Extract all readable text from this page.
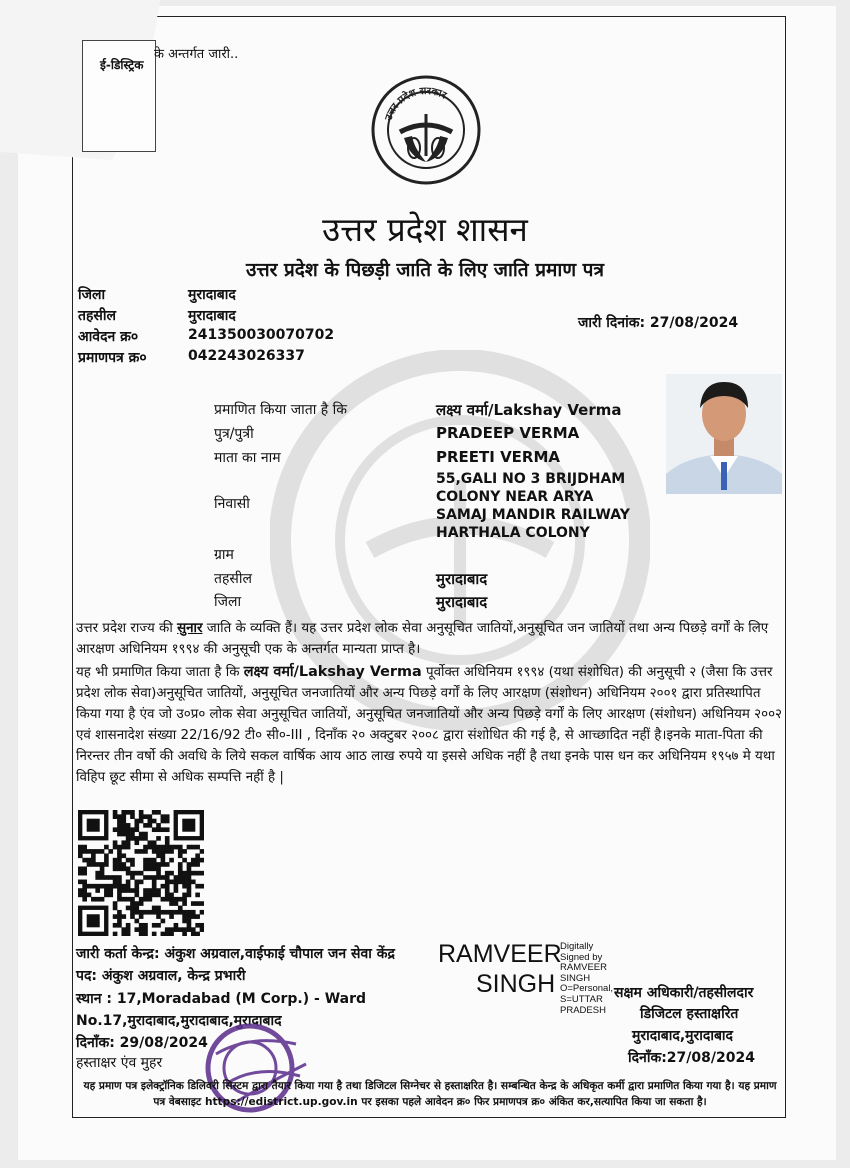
के अन्तर्गत जारी..
ई-डिस्ट्रिक
उत्तर प्रदेश सरकार
उत्तर प्रदेश शासन
उत्तर प्रदेश के पिछड़ी जाति के लिए जाति प्रमाण पत्र
जिला	मुरादाबाद
तहसील	मुरादाबाद
आवेदन क्र०	241350030070702
प्रमाणपत्र क्र०	042243026337
जारी दिनांक: 27/08/2024
प्रमाणित किया जाता है कि	लक्ष्य वर्मा/Lakshay Verma
पुत्र/पुत्री	PRADEEP VERMA
माता का नाम	PREETI VERMA
निवासी
55,GALI NO 3 BRIJDHAM
COLONY NEAR ARYA
SAMAJ MANDIR RAILWAY
HARTHALA COLONY
ग्राम
तहसील	मुरादाबाद
जिला	मुरादाबाद
उत्तर प्रदेश राज्य की सुनार जाति के व्यक्ति हैं। यह उत्तर प्रदेश लोक सेवा अनुसूचित जातियों,अनुसूचित जन जातियों तथा अन्य पिछड़े वर्गों के लिए आरक्षण अधिनियम १९९४ की अनुसूची एक के अन्तर्गत मान्यता प्राप्त है।
यह भी प्रमाणित किया जाता है कि लक्ष्य वर्मा/Lakshay Verma पूर्वोक्त अधिनियम १९९४ (यथा संशोधित) की अनुसूची २ (जैसा कि उत्तर प्रदेश लोक सेवा)अनुसूचित जातियों, अनुसूचित जनजातियों और अन्य पिछड़े वर्गों के लिए आरक्षण (संशोधन) अधिनियम २००१ द्वारा प्रतिस्थापित किया गया है एंव जो उ०प्र० लोक सेवा अनुसूचित जातियों, अनुसूचित जनजातियों और अन्य पिछड़े वर्गों के लिए आरक्षण (संशोधन) अधिनियम २००२ एवं शासनादेश संख्या 22/16/92 टी० सी०-III , दिनाँक २० अक्टुबर २००८ द्वारा संशोधित की गई है, से आच्छादित नहीं है।इनके माता-पिता की निरन्तर तीन वर्षो की अवधि के लिये सकल वार्षिक आय आठ लाख रुपये या इससे अधिक नहीं है तथा इनके पास धन कर अधिनियम १९५७ मे यथा विहिप छूट सीमा से अधिक सम्पत्ति नहीं है |
जारी कर्ता केन्द्र: अंकुश अग्रवाल,वाईफाई चौपाल जन सेवा केंद्र
पद: अंकुश अग्रवाल, केन्द्र प्रभारी
स्थान : 17,Moradabad (M Corp.) - Ward
No.17,मुरादाबाद,मुरादाबाद,मुरादाबाद
दिनाँक: 29/08/2024
हस्ताक्षर एंव मुहर
RAMVEER
SINGH
Digitally
Signed by
RAMVEER
SINGH
O=Personal,
S=UTTAR
PRADESH
सक्षम अधिकारी/तहसीलदार
डिजिटल हस्ताक्षरित
मुरादाबाद,मुरादाबाद
दिनाँक:27/08/2024
यह प्रमाण पत्र इलेक्ट्रॉनिक डिलिवरी सिस्टम द्वारा तैयार किया गया है तथा डिजिटल सिग्नेचर से हस्ताक्षरित है। सम्बन्धित केन्द्र के अधिकृत कर्मी द्वारा प्रमाणित किया गया है। यह प्रमाण पत्र वेबसाइट https://edistrict.up.gov.in पर इसका पहले आवेदन क्र० फिर प्रमाणपत्र क्र० अंकित कर,सत्यापित किया जा सकता है।
